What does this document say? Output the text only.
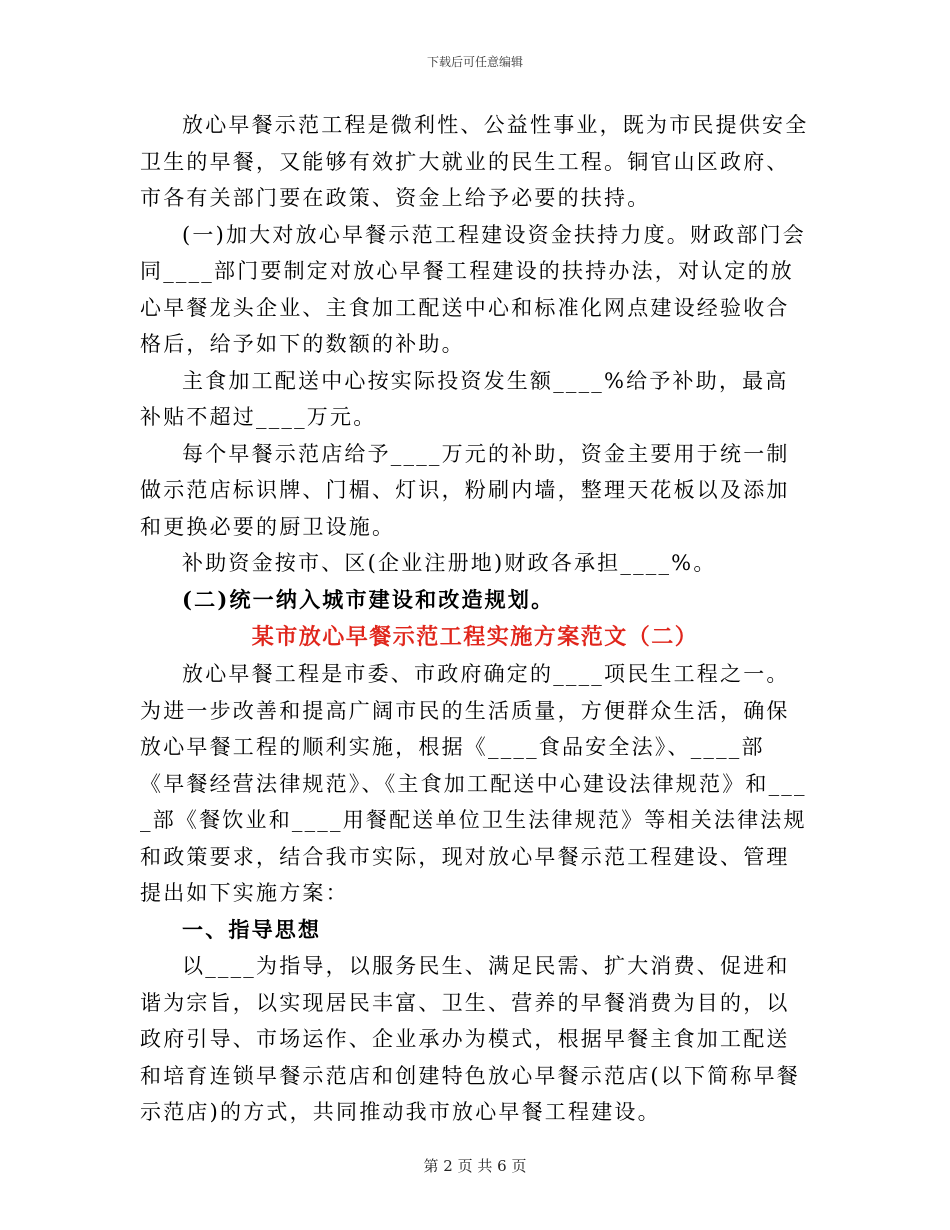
下载后可任意编辑

放心早餐示范工程是微利性、公益性事业，既为市民提供安全卫生的早餐，又能够有效扩大就业的民生工程。铜官山区政府、市各有关部门要在政策、资金上给予必要的扶持。

(一)加大对放心早餐示范工程建设资金扶持力度。财政部门会同____部门要制定对放心早餐工程建设的扶持办法，对认定的放心早餐龙头企业、主食加工配送中心和标准化网点建设经验收合格后，给予如下的数额的补助。

主食加工配送中心按实际投资发生额____%给予补助，最高补贴不超过____万元。

每个早餐示范店给予____万元的补助，资金主要用于统一制做示范店标识牌、门楣、灯识，粉刷内墙，整理天花板以及添加和更换必要的厨卫设施。

补助资金按市、区(企业注册地)财政各承担____%。

(二)统一纳入城市建设和改造规划。

某市放心早餐示范工程实施方案范文（二）

放心早餐工程是市委、市政府确定的____项民生工程之一。为进一步改善和提高广阔市民的生活质量，方便群众生活，确保放心早餐工程的顺利实施，根据《____食品安全法》、____部《早餐经营法律规范》、《主食加工配送中心建设法律规范》和____部《餐饮业和____用餐配送单位卫生法律规范》等相关法律法规和政策要求，结合我市实际，现对放心早餐示范工程建设、管理提出如下实施方案：

一、指导思想

以____为指导，以服务民生、满足民需、扩大消费、促进和谐为宗旨，以实现居民丰富、卫生、营养的早餐消费为目的，以政府引导、市场运作、企业承办为模式，根据早餐主食加工配送和培育连锁早餐示范店和创建特色放心早餐示范店(以下简称早餐示范店)的方式，共同推动我市放心早餐工程建设。

第 2 页 共 6 页
